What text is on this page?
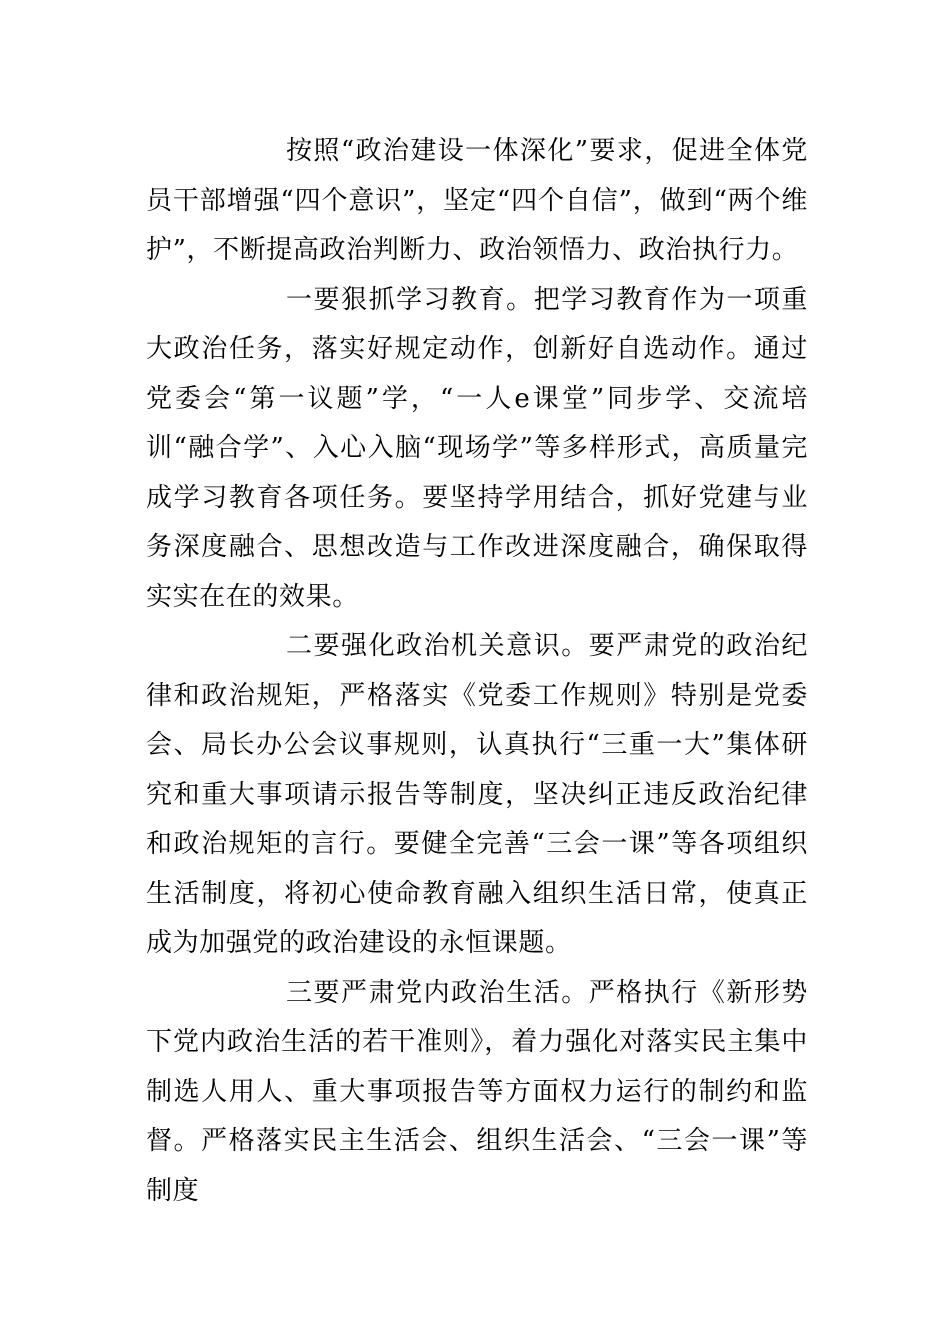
按照“政治建设一体深化”要求，促进全体党员干部增强“四个意识”，坚定“四个自信”，做到“两个维护”，不断提高政治判断力、政治领悟力、政治执行力。

一要狠抓学习教育。把学习教育作为一项重大政治任务，落实好规定动作，创新好自选动作。通过党委会“第一议题”学，“一人e课堂”同步学、交流培训“融合学”、入心入脑“现场学”等多样形式，高质量完成学习教育各项任务。要坚持学用结合，抓好党建与业务深度融合、思想改造与工作改进深度融合，确保取得实实在在的效果。

二要强化政治机关意识。要严肃党的政治纪律和政治规矩，严格落实《党委工作规则》特别是党委会、局长办公会议事规则，认真执行“三重一大”集体研究和重大事项请示报告等制度，坚决纠正违反政治纪律和政治规矩的言行。要健全完善“三会一课”等各项组织生活制度，将初心使命教育融入组织生活日常，使真正成为加强党的政治建设的永恒课题。

三要严肃党内政治生活。严格执行《新形势下党内政治生活的若干准则》，着力强化对落实民主集中制选人用人、重大事项报告等方面权力运行的制约和监督。严格落实民主生活会、组织生活会、“三会一课”等制度
